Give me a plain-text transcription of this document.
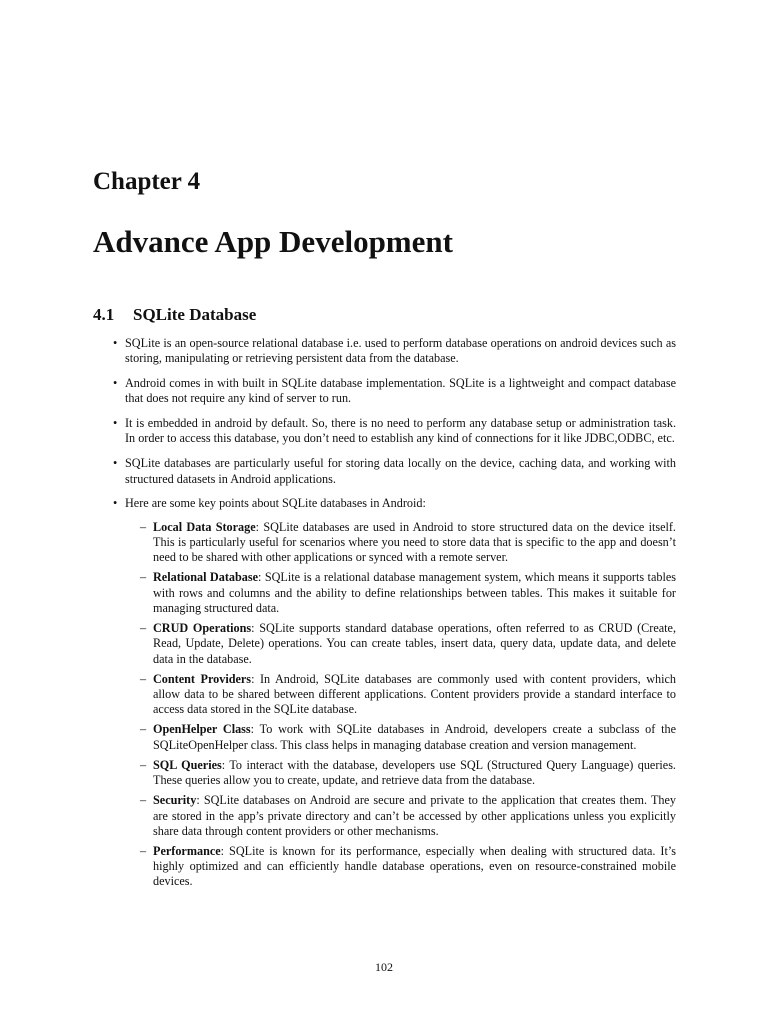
Chapter 4
Advance App Development
4.1 SQLite Database
• SQLite is an open-source relational database i.e. used to perform database operations on android devices such as storing, manipulating or retrieving persistent data from the database.
• Android comes in with built in SQLite database implementation. SQLite is a lightweight and compact database that does not require any kind of server to run.
• It is embedded in android by default. So, there is no need to perform any database setup or administration task. In order to access this database, you don’t need to establish any kind of connections for it like JDBC,ODBC, etc.
• SQLite databases are particularly useful for storing data locally on the device, caching data, and working with structured datasets in Android applications.
• Here are some key points about SQLite databases in Android:
– Local Data Storage: SQLite databases are used in Android to store structured data on the device itself. This is particularly useful for scenarios where you need to store data that is specific to the app and doesn’t need to be shared with other applications or synced with a remote server.
– Relational Database: SQLite is a relational database management system, which means it supports tables with rows and columns and the ability to define relationships between tables. This makes it suitable for managing structured data.
– CRUD Operations: SQLite supports standard database operations, often referred to as CRUD (Create, Read, Update, Delete) operations. You can create tables, insert data, query data, update data, and delete data in the database.
– Content Providers: In Android, SQLite databases are commonly used with content providers, which allow data to be shared between different applications. Content providers provide a standard interface to access data stored in the SQLite database.
– OpenHelper Class: To work with SQLite databases in Android, developers create a subclass of the SQLiteOpenHelper class. This class helps in managing database creation and version management.
– SQL Queries: To interact with the database, developers use SQL (Structured Query Language) queries. These queries allow you to create, update, and retrieve data from the database.
– Security: SQLite databases on Android are secure and private to the application that creates them. They are stored in the app’s private directory and can’t be accessed by other applications unless you explicitly share data through content providers or other mechanisms.
– Performance: SQLite is known for its performance, especially when dealing with structured data. It’s highly optimized and can efficiently handle database operations, even on resource-constrained mobile devices.
102
